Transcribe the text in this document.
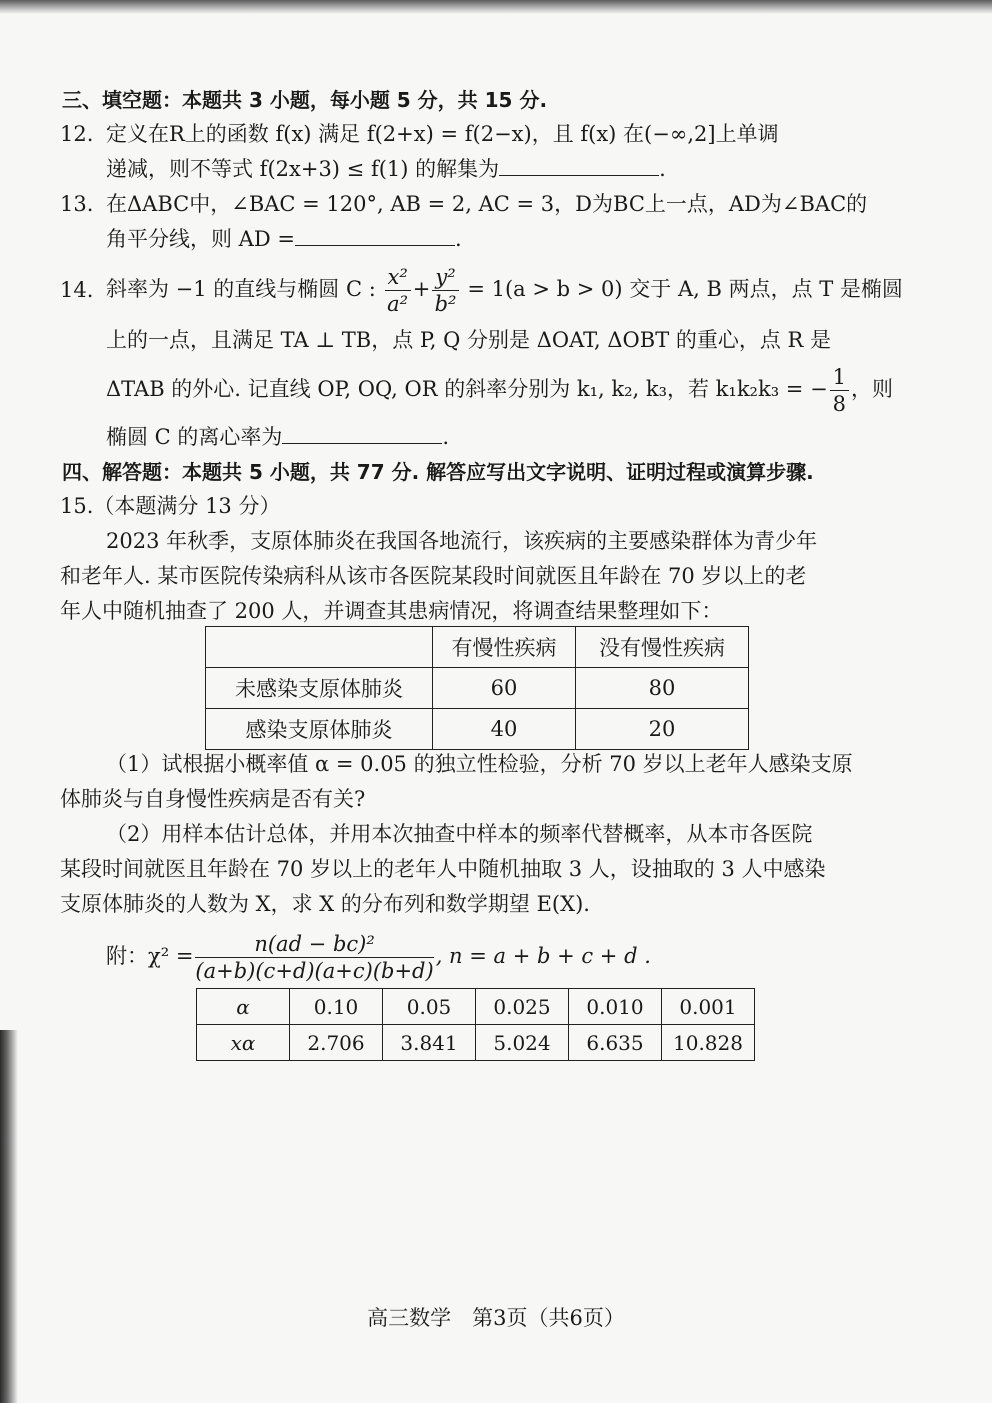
三、填空题：本题共 3 小题，每小题 5 分，共 15 分.
12. 定义在R上的函数 f(x) 满足 f(2+x) = f(2−x)，且 f(x) 在(−∞,2]上单调
递减，则不等式 f(2x+3) ≤ f(1) 的解集为	.
13. 在ΔABC中，∠BAC = 120°, AB = 2, AC = 3，D为BC上一点，AD为∠BAC的
角平分线，则 AD =	.
14. 斜率为 −1 的直线与椭圆 C : $\frac{\text{x²}}{\text{a²}} + \frac{\text{y²}}{\text{b²}} = 1(a > b > 0)$ 交于 A, B 两点，点 T 是椭圆
上的一点，且满足 TA ⊥ TB，点 P, Q 分别是 ΔOAT, ΔOBT 的重心，点 R 是
ΔTAB 的外心. 记直线 OP, OQ, OR 的斜率分别为 k₁, k₂, k₃，若 k₁k₂k₃ = − $\frac{1}{8}$ ，则
椭圆 C 的离心率为	.
四、解答题：本题共 5 小题，共 77 分. 解答应写出文字说明、证明过程或演算步骤.
15.（本题满分 13 分）
2023 年秋季，支原体肺炎在我国各地流行，该疾病的主要感染群体为青少年
和老年人. 某市医院传染病科从该市各医院某段时间就医且年龄在 70 岁以上的老
年人中随机抽查了 200 人，并调查其患病情况，将调查结果整理如下：
	有慢性疾病	没有慢性疾病
未感染支原体肺炎	60	80
感染支原体肺炎	40	20
（1）试根据小概率值 α = 0.05 的独立性检验，分析 70 岁以上老年人感染支原
体肺炎与自身慢性疾病是否有关?
（2）用样本估计总体，并用本次抽查中样本的频率代替概率，从本市各医院
某段时间就医且年龄在 70 岁以上的老年人中随机抽取 3 人，设抽取的 3 人中感染
支原体肺炎的人数为 X，求 X 的分布列和数学期望 E(X).
附：$\chi^2 = \frac{\text{n(ad − bc)²}}{(a+b)(c+d)(a+c)(b+d)}$ , n = a + b + c + d .
α	0.10	0.05	0.025	0.010	0.001
xα	2.706	3.841	5.024	6.635	10.828
高三数学　第3页（共6页）
